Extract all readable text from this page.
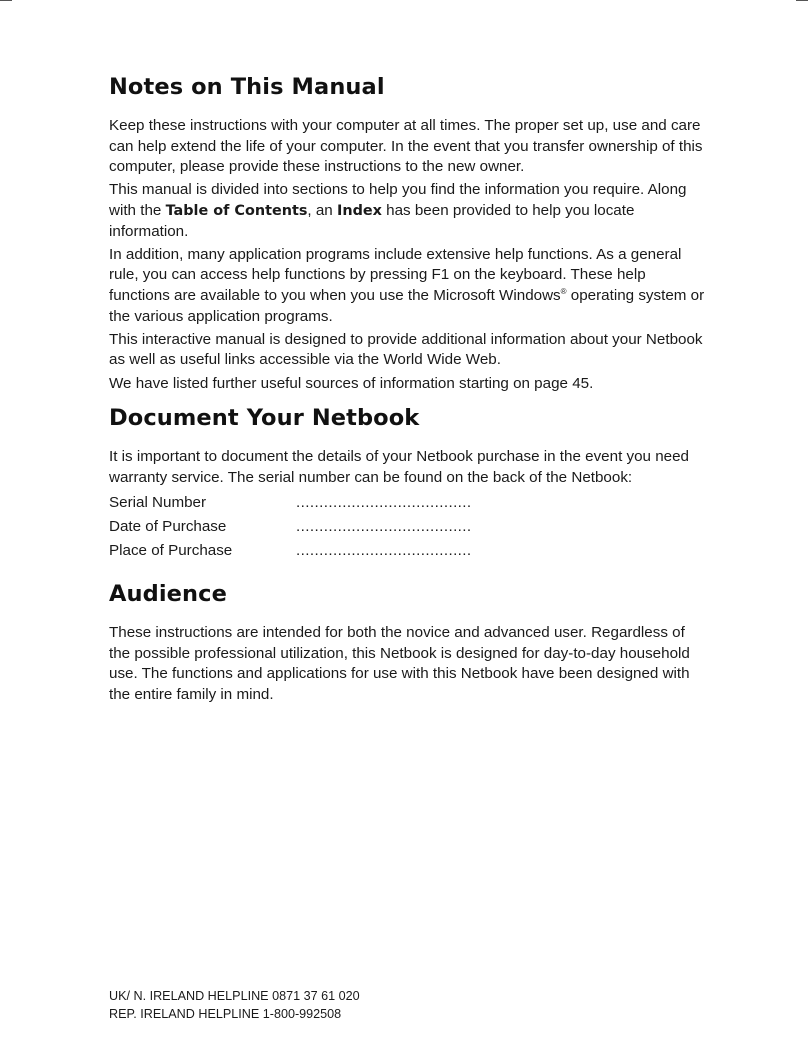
Notes on This Manual

Keep these instructions with your computer at all times. The proper set up, use and care can help extend the life of your computer. In the event that you transfer ownership of this computer, please provide these instructions to the new owner.

This manual is divided into sections to help you find the information you require. Along with the Table of Contents, an Index has been provided to help you locate information.

In addition, many application programs include extensive help functions. As a general rule, you can access help functions by pressing F1 on the keyboard. These help functions are available to you when you use the Microsoft Windows® operating system or the various application programs.

This interactive manual is designed to provide additional information about your Netbook as well as useful links accessible via the World Wide Web.

We have listed further useful sources of information starting on page 45.

Document Your Netbook

It is important to document the details of your Netbook purchase in the event you need warranty service. The serial number can be found on the back of the Netbook:

Serial Number	......................................
Date of Purchase	......................................
Place of Purchase	......................................
Audience

These instructions are intended for both the novice and advanced user. Regardless of the possible professional utilization, this Netbook is designed for day-to-day household use. The functions and applications for use with this Netbook have been designed with the entire family in mind.

UK/ N. IRELAND HELPLINE 0871 37 61 020
REP. IRELAND HELPLINE 1-800-992508
